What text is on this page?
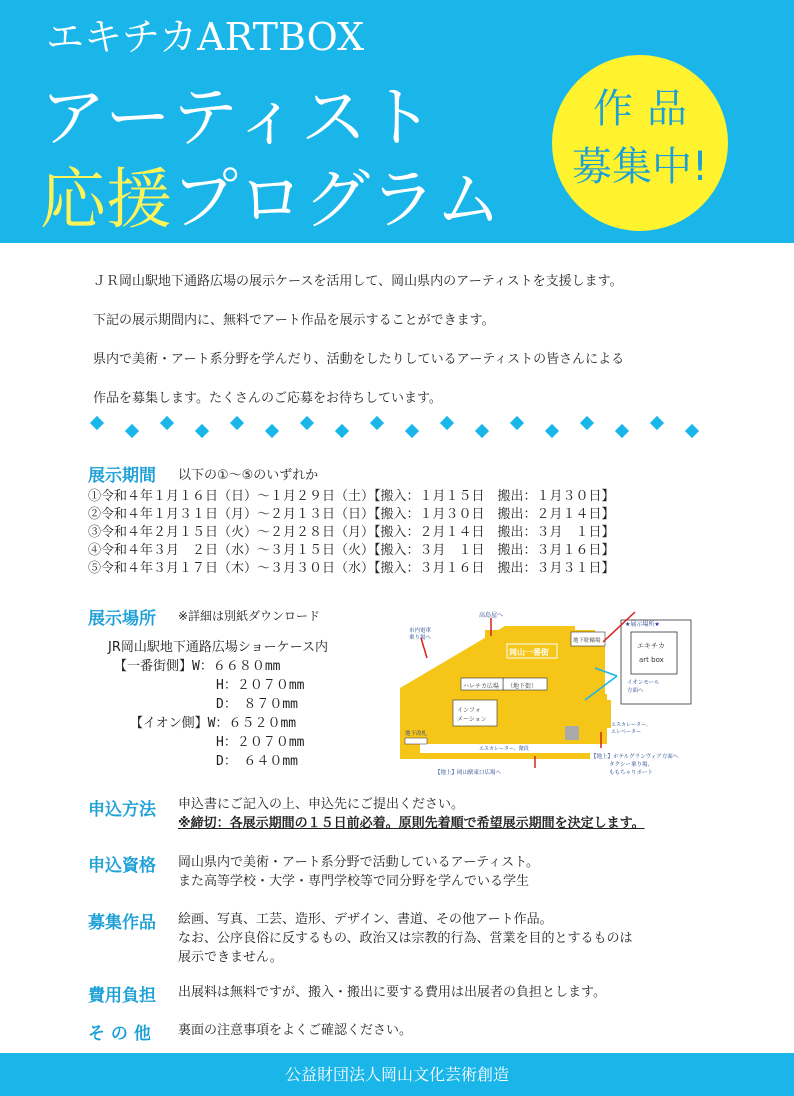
エキチカARTBOX
アーティスト
応援プログラム
作品
募集中!

ＪＲ岡山駅地下通路広場の展示ケースを活用して、岡山県内のアーティストを支援します。

下記の展示期間内に、無料でアート作品を展示することができます。

県内で美術・アート系分野を学んだり、活動をしたりしているアーティストの皆さんによる

作品を募集します。たくさんのご応募をお待ちしています。

展示期間 以下の①～⑤のいずれか
①令和４年１月１６日（日）～１月２９日（土）【搬入：１月１５日　搬出：１月３０日】
②令和４年１月３１日（月）～２月１３日（日）【搬入：１月３０日　搬出：２月１４日】
③令和４年２月１５日（火）～２月２８日（月）【搬入：２月１４日　搬出：３月　１日】
④令和４年３月　２日（水）～３月１５日（火）【搬入：３月　１日　搬出：３月１６日】
⑤令和４年３月１７日（木）～３月３０日（水）【搬入：３月１６日　搬出：３月３１日】
展示場所 ※詳細は別紙ダウンロード
JR岡山駅地下通路広場ショーケース内
【一番街側】W：６６８０mm
H：２０７０mm
D：　８７０mm
【イオン側】W：６５２０mm
H：２０７０mm
D：　６４０mm
高島屋へ
市内電車
乗り場へ	地下駐輪場
岡山一番街
（地下街）
ハレチカ広場
インフォ
メーション
地下改札
エスカレーター、階段
【地上】岡山駅東口広場へ
エスカレーター、
エレベーター
イオンモール
方面へ
★展示場所★
エキチカ
art box
【地上】ホテルグランヴィア方面へ
タクシー乗り場、
ももちゃりポート
申込方法 申込書にご記入の上、申込先にご提出ください。
※締切：各展示期間の１５日前必着。原則先着順で希望展示期間を決定します。
申込資格 岡山県内で美術・アート系分野で活動しているアーティスト。
また高等学校・大学・専門学校等で同分野を学んでいる学生
募集作品 絵画、写真、工芸、造形、デザイン、書道、その他アート作品。
なお、公序良俗に反するもの、政治又は宗教的行為、営業を目的とするものは
展示できません。
費用負担 出展料は無料ですが、搬入・搬出に要する費用は出展者の負担とします。
そ の 他 裏面の注意事項をよくご確認ください。
公益財団法人岡山文化芸術創造
